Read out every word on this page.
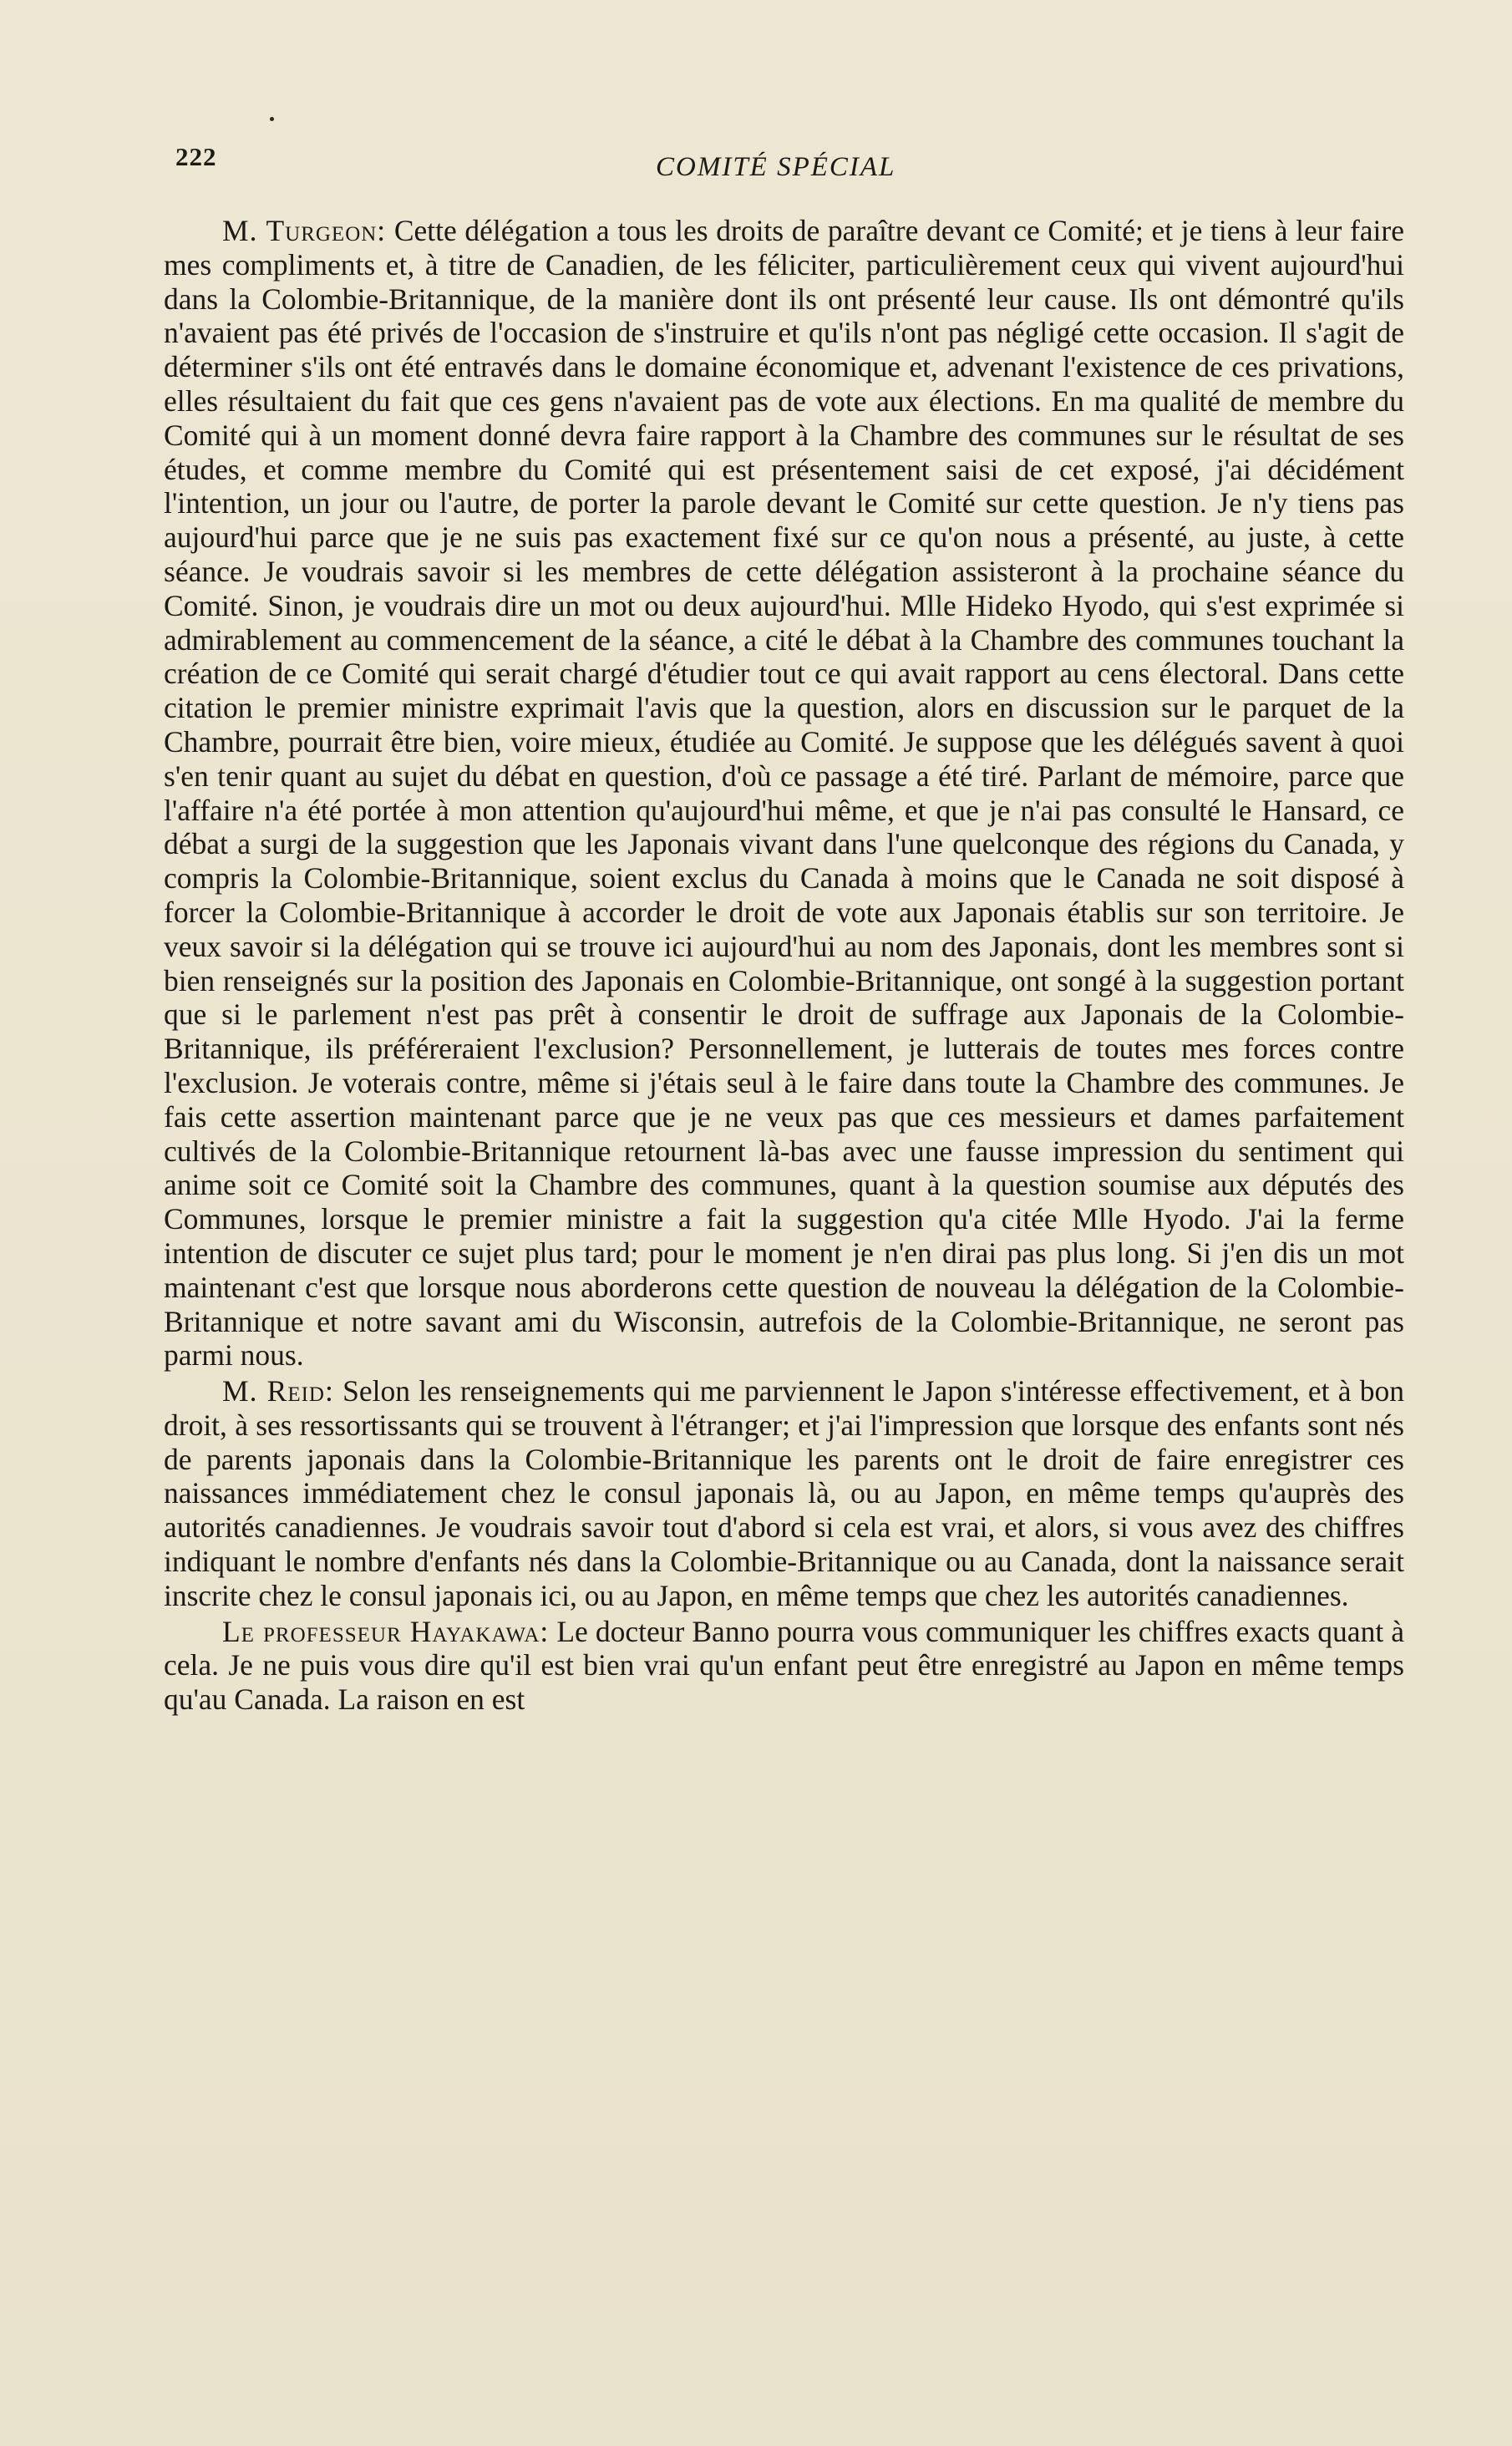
222	COMITÉ SPÉCIAL

M. Turgeon: Cette délégation a tous les droits de paraître devant ce Comité; et je tiens à leur faire mes compliments et, à titre de Canadien, de les féliciter, particulièrement ceux qui vivent aujourd'hui dans la Colombie-Britannique, de la manière dont ils ont présenté leur cause. Ils ont démontré qu'ils n'avaient pas été privés de l'occasion de s'instruire et qu'ils n'ont pas négligé cette occasion. Il s'agit de déterminer s'ils ont été entravés dans le domaine économique et, advenant l'existence de ces privations, elles résultaient du fait que ces gens n'avaient pas de vote aux élections. En ma qualité de membre du Comité qui à un moment donné devra faire rapport à la Chambre des communes sur le résultat de ses études, et comme membre du Comité qui est présentement saisi de cet exposé, j'ai décidément l'intention, un jour ou l'autre, de porter la parole devant le Comité sur cette question. Je n'y tiens pas aujourd'hui parce que je ne suis pas exactement fixé sur ce qu'on nous a présenté, au juste, à cette séance. Je voudrais savoir si les membres de cette délégation assisteront à la prochaine séance du Comité. Sinon, je voudrais dire un mot ou deux aujourd'hui. Mlle Hideko Hyodo, qui s'est exprimée si admirablement au commencement de la séance, a cité le débat à la Chambre des communes touchant la création de ce Comité qui serait chargé d'étudier tout ce qui avait rapport au cens électoral. Dans cette citation le premier ministre exprimait l'avis que la question, alors en discussion sur le parquet de la Chambre, pourrait être bien, voire mieux, étudiée au Comité. Je suppose que les délégués savent à quoi s'en tenir quant au sujet du débat en question, d'où ce passage a été tiré. Parlant de mémoire, parce que l'affaire n'a été portée à mon attention qu'aujourd'hui même, et que je n'ai pas consulté le Hansard, ce débat a surgi de la suggestion que les Japonais vivant dans l'une quelconque des régions du Canada, y compris la Colombie-Britannique, soient exclus du Canada à moins que le Canada ne soit disposé à forcer la Colombie-Britannique à accorder le droit de vote aux Japonais établis sur son territoire. Je veux savoir si la délégation qui se trouve ici aujourd'hui au nom des Japonais, dont les membres sont si bien renseignés sur la position des Japonais en Colombie-Britannique, ont songé à la suggestion portant que si le parlement n'est pas prêt à consentir le droit de suffrage aux Japonais de la Colombie-Britannique, ils préféreraient l'exclusion? Personnellement, je lutterais de toutes mes forces contre l'exclusion. Je voterais contre, même si j'étais seul à le faire dans toute la Chambre des communes. Je fais cette assertion maintenant parce que je ne veux pas que ces messieurs et dames parfaitement cultivés de la Colombie-Britannique retournent là-bas avec une fausse impression du sentiment qui anime soit ce Comité soit la Chambre des communes, quant à la question soumise aux députés des Communes, lorsque le premier ministre a fait la suggestion qu'a citée Mlle Hyodo. J'ai la ferme intention de discuter ce sujet plus tard; pour le moment je n'en dirai pas plus long. Si j'en dis un mot maintenant c'est que lorsque nous aborderons cette question de nouveau la délégation de la Colombie-Britannique et notre savant ami du Wisconsin, autrefois de la Colombie-Britannique, ne seront pas parmi nous.

M. Reid: Selon les renseignements qui me parviennent le Japon s'intéresse effectivement, et à bon droit, à ses ressortissants qui se trouvent à l'étranger; et j'ai l'impression que lorsque des enfants sont nés de parents japonais dans la Colombie-Britannique les parents ont le droit de faire enregistrer ces naissances immédiatement chez le consul japonais là, ou au Japon, en même temps qu'auprès des autorités canadiennes. Je voudrais savoir tout d'abord si cela est vrai, et alors, si vous avez des chiffres indiquant le nombre d'enfants nés dans la Colombie-Britannique ou au Canada, dont la naissance serait inscrite chez le consul japonais ici, ou au Japon, en même temps que chez les autorités canadiennes.

Le professeur Hayakawa: Le docteur Banno pourra vous communiquer les chiffres exacts quant à cela. Je ne puis vous dire qu'il est bien vrai qu'un enfant peut être enregistré au Japon en même temps qu'au Canada. La raison en est
